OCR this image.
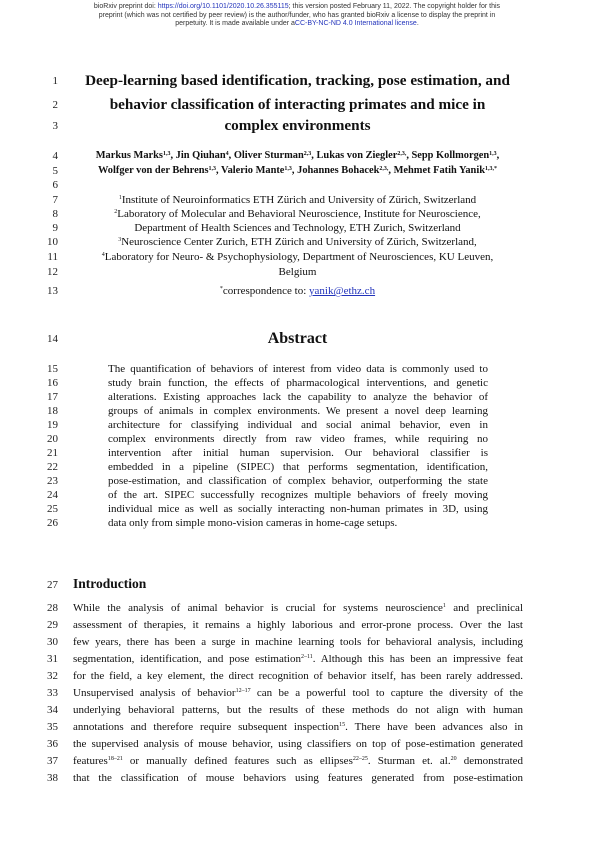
bioRxiv preprint doi: https://doi.org/10.1101/2020.10.26.355115; this version posted February 11, 2022. The copyright holder for this
preprint (which was not certified by peer review) is the author/funder, who has granted bioRxiv a license to display the preprint in
perpetuity. It is made available under aCC-BY-NC-ND 4.0 International license.
1
2
3
4
5
6
7
8
9
10
11
12
13
14
15
16
17
18
19
20
21
22
23
24
25
26
27
28
29
30
31
32
33
34
35
36
37
38
Deep-learning based identification, tracking, pose estimation, and
behavior classification of interacting primates and mice in
complex environments
Markus Marks$^{1,3}$, Jin Qiuhan$^4$, Oliver Sturman$^{2,3}$, Lukas von Ziegler$^{2,3,}$, Sepp Kollmorgen$^{1,3}$,
Wolfger von der Behrens$^{1,3}$, Valerio Mante$^{1,3}$, Johannes Bohacek$^{2,3,}$, Mehmet Fatih Yanik$^{1,3,*}$
$^1$Institute of Neuroinformatics ETH Zürich and University of Zürich, Switzerland
$^2$Laboratory of Molecular and Behavioral Neuroscience, Institute for Neuroscience,
Department of Health Sciences and Technology, ETH Zurich, Switzerland
$^3$Neuroscience Center Zurich, ETH Zürich and University of Zürich, Switzerland,
$^4$Laboratory for Neuro- & Psychophysiology, Department of Neurosciences, KU Leuven,
Belgium
*correspondence to: yanik@ethz.ch
Abstract
The quantification of behaviors of interest from video data is commonly used to
study brain function, the effects of pharmacological interventions, and genetic
alterations. Existing approaches lack the capability to analyze the behavior of
groups of animals in complex environments. We present a novel deep learning
architecture for classifying individual and social animal behavior, even in
complex environments directly from raw video frames, while requiring no
intervention after initial human supervision. Our behavioral classifier is
embedded in a pipeline (SIPEC) that performs segmentation, identification,
pose-estimation, and classification of complex behavior, outperforming the state
of the art. SIPEC successfully recognizes multiple behaviors of freely moving
individual mice as well as socially interacting non-human primates in 3D, using
data only from simple mono-vision cameras in home-cage setups.
Introduction
While the analysis of animal behavior is crucial for systems neuroscience$^1$ and preclinical
assessment of therapies, it remains a highly laborious and error-prone process. Over the last
few years, there has been a surge in machine learning tools for behavioral analysis, including
segmentation, identification, and pose estimation$^{2-11}$. Although this has been an impressive feat
for the field, a key element, the direct recognition of behavior itself, has been rarely addressed.
Unsupervised analysis of behavior$^{12-17}$ can be a powerful tool to capture the diversity of the
underlying behavioral patterns, but the results of these methods do not align with human
annotations and therefore require subsequent inspection$^{15}$. There have been advances also in
the supervised analysis of mouse behavior, using classifiers on top of pose-estimation generated
features$^{18-21}$ or manually defined features such as ellipses$^{22-25}$. Sturman et. al.$^{20}$ demonstrated
that the classification of mouse behaviors using features generated from pose-estimation
